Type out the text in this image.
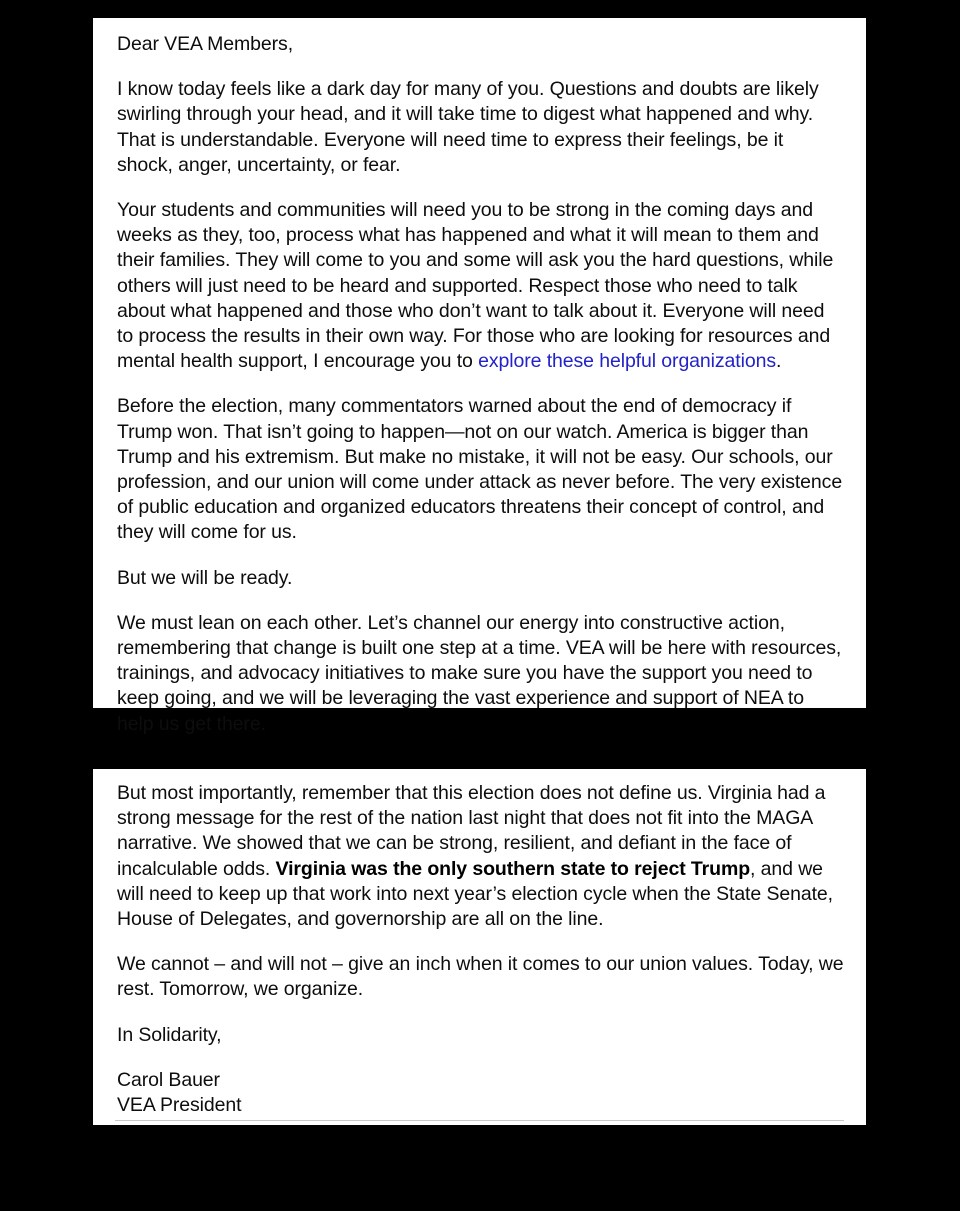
Dear VEA Members,

I know today feels like a dark day for many of you. Questions and doubts are likely swirling through your head, and it will take time to digest what happened and why. That is understandable. Everyone will need time to express their feelings, be it shock, anger, uncertainty, or fear.

Your students and communities will need you to be strong in the coming days and weeks as they, too, process what has happened and what it will mean to them and their families. They will come to you and some will ask you the hard questions, while others will just need to be heard and supported. Respect those who need to talk about what happened and those who don’t want to talk about it. Everyone will need to process the results in their own way. For those who are looking for resources and mental health support, I encourage you to explore these helpful organizations.

Before the election, many commentators warned about the end of democracy if Trump won. That isn’t going to happen—not on our watch. America is bigger than Trump and his extremism. But make no mistake, it will not be easy. Our schools, our profession, and our union will come under attack as never before. The very existence of public education and organized educators threatens their concept of control, and they will come for us.

But we will be ready.

We must lean on each other. Let’s channel our energy into constructive action, remembering that change is built one step at a time. VEA will be here with resources, trainings, and advocacy initiatives to make sure you have the support you need to keep going, and we will be leveraging the vast experience and support of NEA to help us get there.

But most importantly, remember that this election does not define us. Virginia had a strong message for the rest of the nation last night that does not fit into the MAGA narrative. We showed that we can be strong, resilient, and defiant in the face of incalculable odds. Virginia was the only southern state to reject Trump, and we will need to keep up that work into next year’s election cycle when the State Senate, House of Delegates, and governorship are all on the line.

We cannot – and will not – give an inch when it comes to our union values. Today, we rest. Tomorrow, we organize.

In Solidarity,

Carol Bauer
VEA President
